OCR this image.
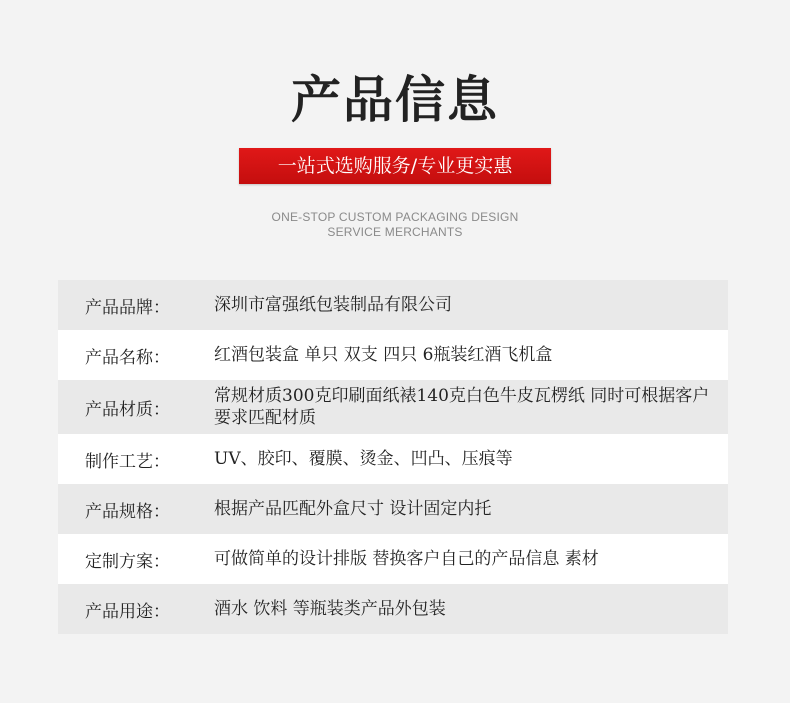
产品信息
一站式选购服务/专业更实惠
ONE-STOP CUSTOM PACKAGING DESIGN
SERVICE MERCHANTS
产品品牌：	深圳市富强纸包装制品有限公司
产品名称：	红酒包装盒 单只 双支 四只 6瓶装红酒飞机盒
产品材质：
常规材质300克印刷面纸裱140克白色牛皮瓦楞纸 同时可根据客户要求匹配材质
制作工艺：	UV、胶印、覆膜、烫金、凹凸、压痕等
产品规格：	根据产品匹配外盒尺寸 设计固定内托
定制方案：	可做简单的设计排版 替换客户自己的产品信息 素材
产品用途：	酒水 饮料 等瓶装类产品外包装
